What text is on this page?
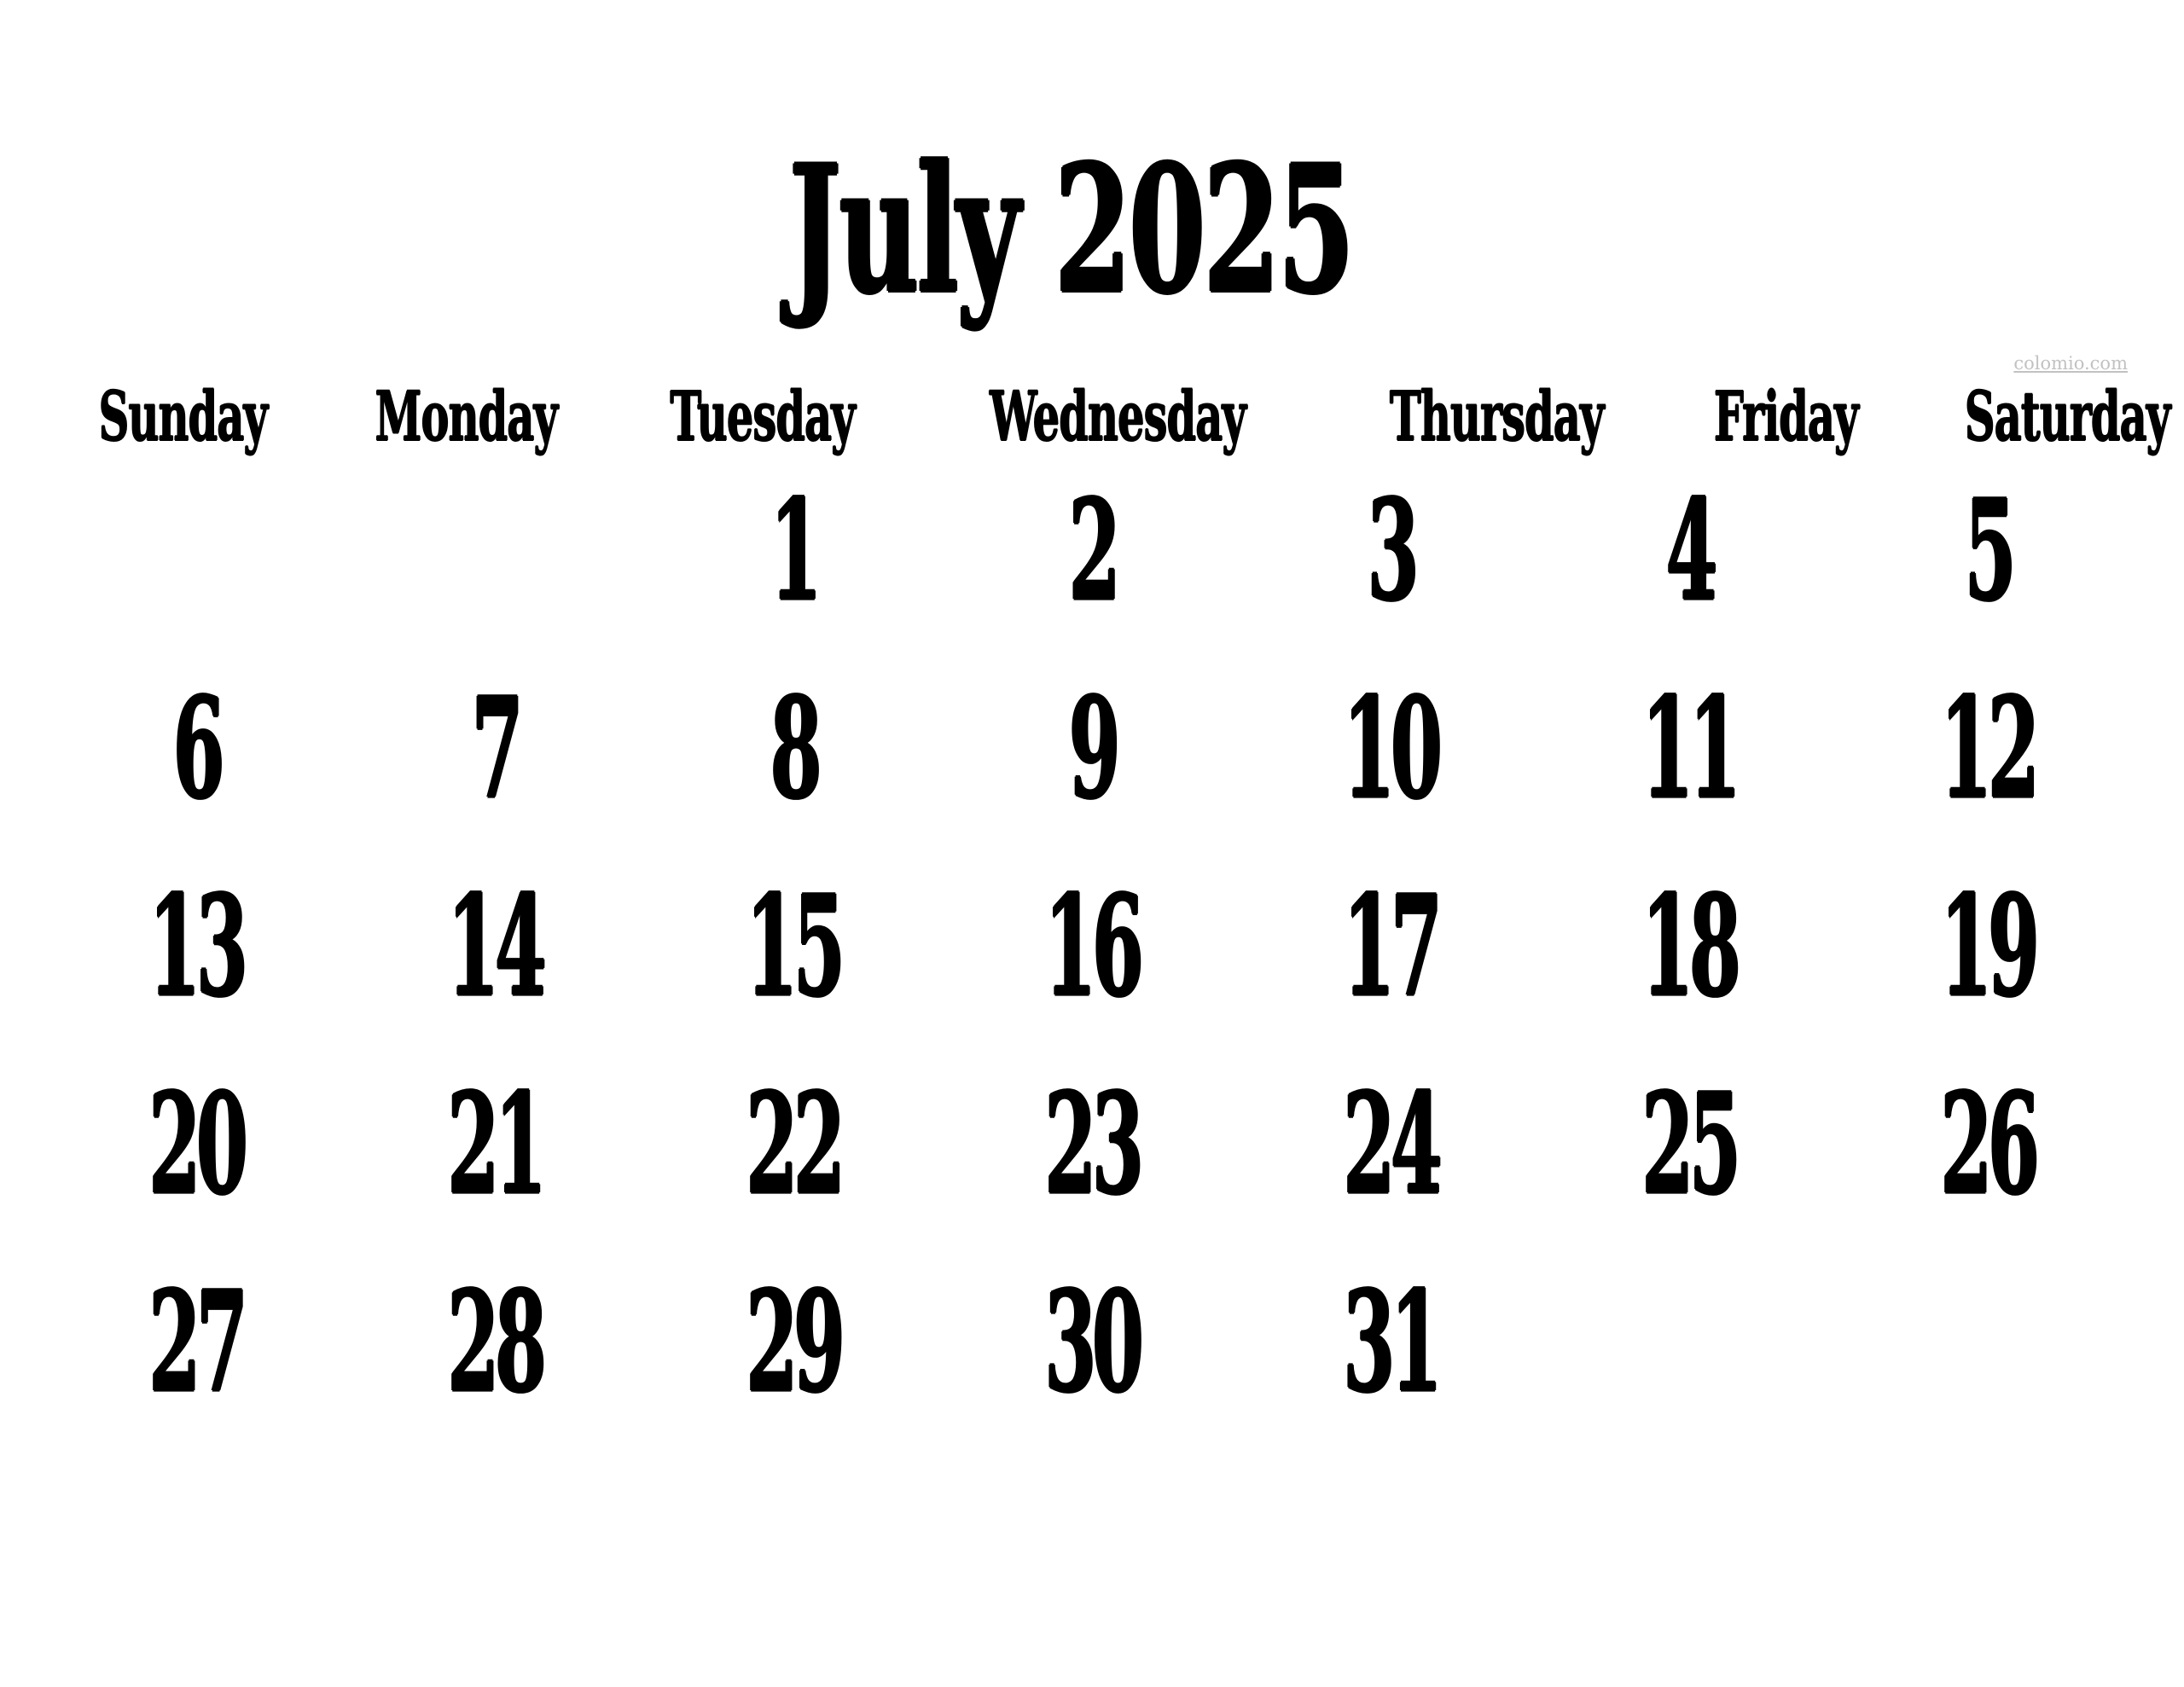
July 2025
colomio.com
Sunday Monday Tuesday Wednesday Thursday Friday Saturday
1 2 3 4 5
6 7 8 9 10 11 12
13 14 15 16 17 18 19
20 21 22 23 24 25 26
27 28 29 30 31
